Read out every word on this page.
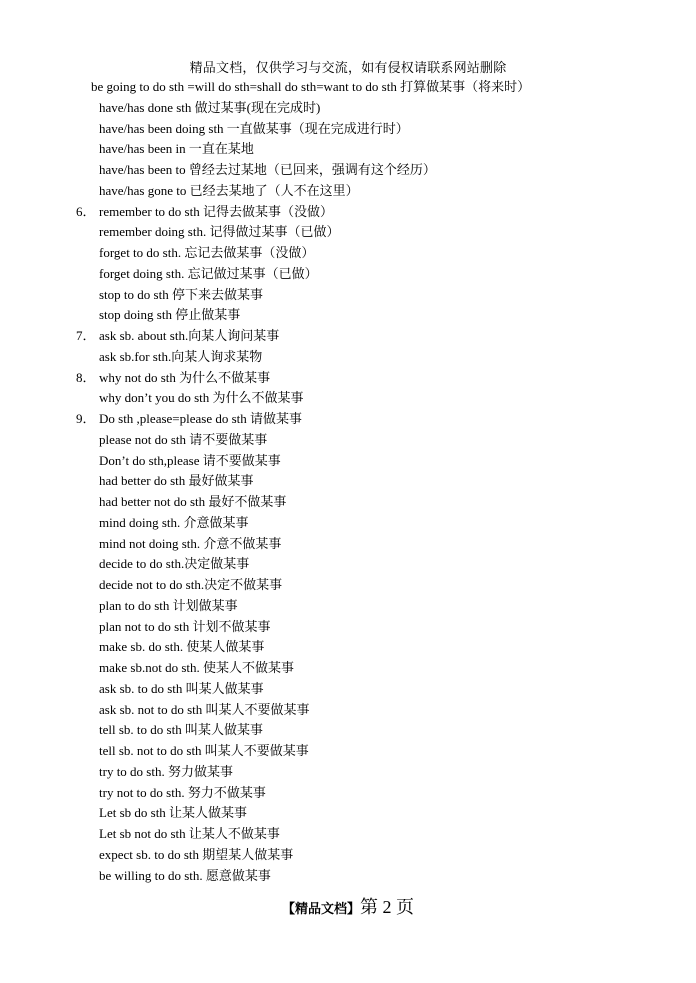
精品文档，仅供学习与交流，如有侵权请联系网站删除
be going to do sth =will do sth=shall do sth=want to do sth 打算做某事（将来时）
have/has done sth 做过某事(现在完成时)
have/has been doing sth 一直做某事（现在完成进行时）
have/has been in 一直在某地
have/has been to 曾经去过某地（已回来，强调有这个经历）
have/has gone to 已经去某地了（人不在这里）
6． remember to do sth 记得去做某事（没做）
remember doing sth. 记得做过某事（已做）
forget to do sth. 忘记去做某事（没做）
forget doing sth. 忘记做过某事（已做）
stop to do sth 停下来去做某事
stop doing sth 停止做某事
7． ask sb. about sth.向某人询问某事
ask sb.for sth.向某人询求某物
8． why not do sth 为什么不做某事
why don’t you do sth 为什么不做某事
9． Do sth ,please=please do sth 请做某事
please not do sth 请不要做某事
Don’t do sth,please 请不要做某事
had better do sth 最好做某事
had better not do sth 最好不做某事
mind doing sth. 介意做某事
mind not doing sth. 介意不做某事
decide to do sth.决定做某事
decide not to do sth.决定不做某事
plan to do sth 计划做某事
plan not to do sth 计划不做某事
make sb. do sth. 使某人做某事
make sb.not do sth. 使某人不做某事
ask sb. to do sth 叫某人做某事
ask sb. not to do sth 叫某人不要做某事
tell sb. to do sth 叫某人做某事
tell sb. not to do sth 叫某人不要做某事
try to do sth. 努力做某事
try not to do sth. 努力不做某事
Let sb do sth 让某人做某事
Let sb not do sth 让某人不做某事
expect sb. to do sth 期望某人做某事
be willing to do sth. 愿意做某事
【精品文档】第 2 页
